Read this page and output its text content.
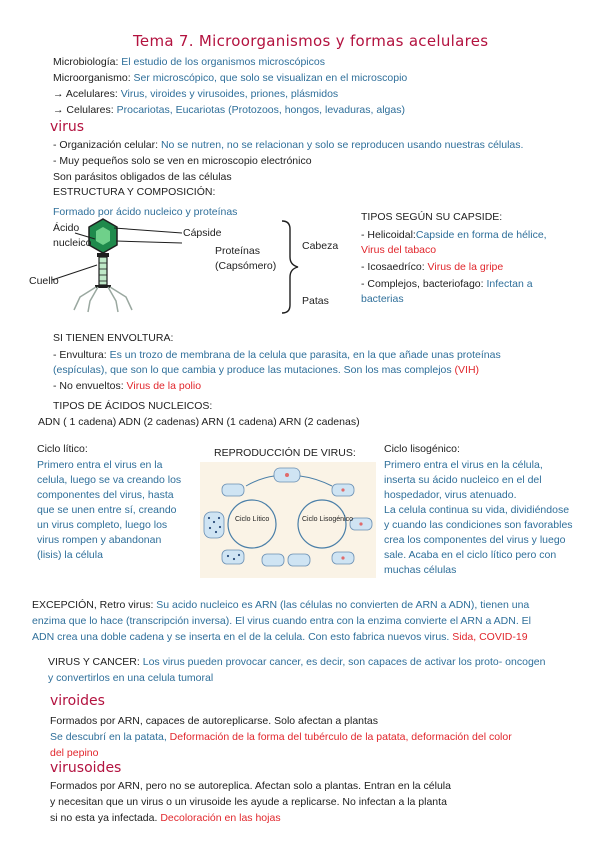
Tema 7. Microorganismos y formas acelulares
Microbiología: El estudio de los organismos microscópicos
Microorganismo: Ser microscópico, que solo se visualizan en el microscopio
→ Acelulares: Virus, viroides y virusoides, priones, plásmidos
→ Celulares: Procariotas, Eucariotas (Protozoos, hongos, levaduras, algas)
virus
- Organización celular: No se nutren, no se relacionan y solo se reproducen usando nuestras células.
- Muy pequeños solo se ven en microscopio electrónico
Son parásitos obligados de las células
ESTRUCTURA Y COMPOSICIÓN:
Formado por ácido nucleico y proteínas
Ácido
nucleico
Cápside
Proteínas
(Capsómero)
Cuello
Cabeza
Patas
TIPOS SEGÚN SU CAPSIDE:
- Helicoidal:Capside en forma de hélice,
Virus del tabaco
- Icosaedríco: Virus de la gripe
- Complejos, bacteriofago: Infectan a
bacterias
SI TIENEN ENVOLTURA:
- Envultura: Es un trozo de membrana de la celula que parasita, en la que añade unas proteínas
(espículas), que son lo que cambia y produce las mutaciones. Son los mas complejos (VIH)
- No envueltos: Virus de la polio
TIPOS DE ÁCIDOS NUCLEICOS:
ADN ( 1 cadena) ADN (2 cadenas) ARN (1 cadena) ARN (2 cadenas)
Ciclo lítico:
Primero entra el virus en la
celula, luego se va creando los
componentes del virus, hasta
que se unen entre sí, creando
un virus completo, luego los
virus rompen y abandonan
(lisis) la célula
REPRODUCCIÓN DE VIRUS:
Ciclo Lítico	Ciclo Lisogénico
Ciclo lisogénico:
Primero entra el virus en la célula,
inserta su ácido nucleico en el del
hospedador, virus atenuado.
La celula continua su vida, dividiéndose
y cuando las condiciones son favorables
crea los componentes del virus y luego
sale. Acaba en el ciclo lítico pero con
muchas células
EXCEPCIÓN, Retro virus: Su acido nucleico es ARN (las células no convierten de ARN a ADN), tienen una
enzima que lo hace (transcripción inversa). El virus cuando entra con la enzima convierte el ARN a ADN. El
ADN crea una doble cadena y se inserta en el de la celula. Con esto fabrica nuevos virus. Sida, COVID-19
VIRUS Y CANCER: Los virus pueden provocar cancer, es decir, son capaces de activar los proto- oncogen
y convertirlos en una celula tumoral
viroides
Formados por ARN, capaces de autoreplicarse. Solo afectan a plantas
Se descubrí en la patata, Deformación de la forma del tubérculo de la patata, deformación del color
del pepino
virusoides
Formados por ARN, pero no se autoreplica. Afectan solo a plantas. Entran en la célula
y necesitan que un virus o un virusoide les ayude a replicarse. No infectan a la planta
si no esta ya infectada. Decoloración en las hojas
